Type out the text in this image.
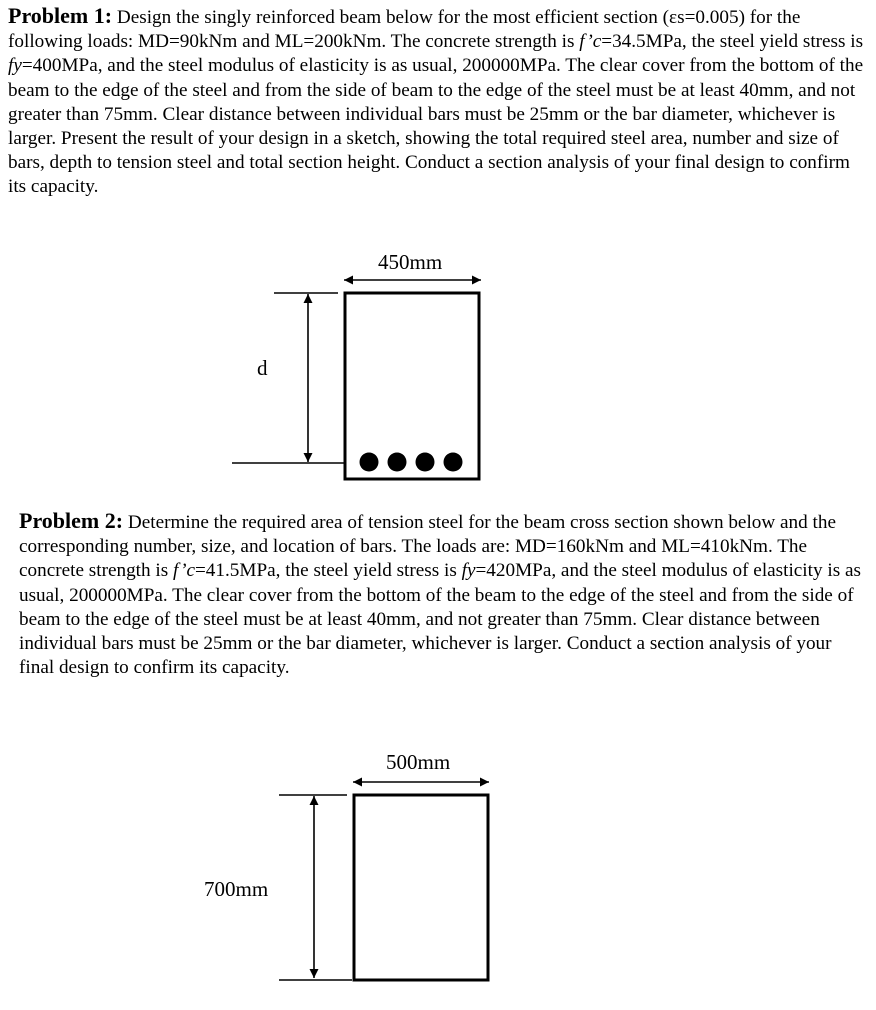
Problem 1: Design the singly reinforced beam below for the most efficient section (εs=0.005) for the following loads: MD=90kNm and ML=200kNm. The concrete strength is f’c=34.5MPa, the steel yield stress is fy=400MPa, and the steel modulus of elasticity is as usual, 200000MPa. The clear cover from the bottom of the beam to the edge of the steel and from the side of beam to the edge of the steel must be at least 40mm, and not greater than 75mm. Clear distance between individual bars must be 25mm or the bar diameter, whichever is larger. Present the result of your design in a sketch, showing the total required steel area, number and size of bars, depth to tension steel and total section height. Conduct a section analysis of your final design to confirm its capacity.

450mm
d

Problem 2: Determine the required area of tension steel for the beam cross section shown below and the corresponding number, size, and location of bars. The loads are: MD=160kNm and ML=410kNm. The concrete strength is f’c=41.5MPa, the steel yield stress is fy=420MPa, and the steel modulus of elasticity is as usual, 200000MPa. The clear cover from the bottom of the beam to the edge of the steel and from the side of beam to the edge of the steel must be at least 40mm, and not greater than 75mm. Clear distance between individual bars must be 25mm or the bar diameter, whichever is larger. Conduct a section analysis of your final design to confirm its capacity.

500mm
700mm
